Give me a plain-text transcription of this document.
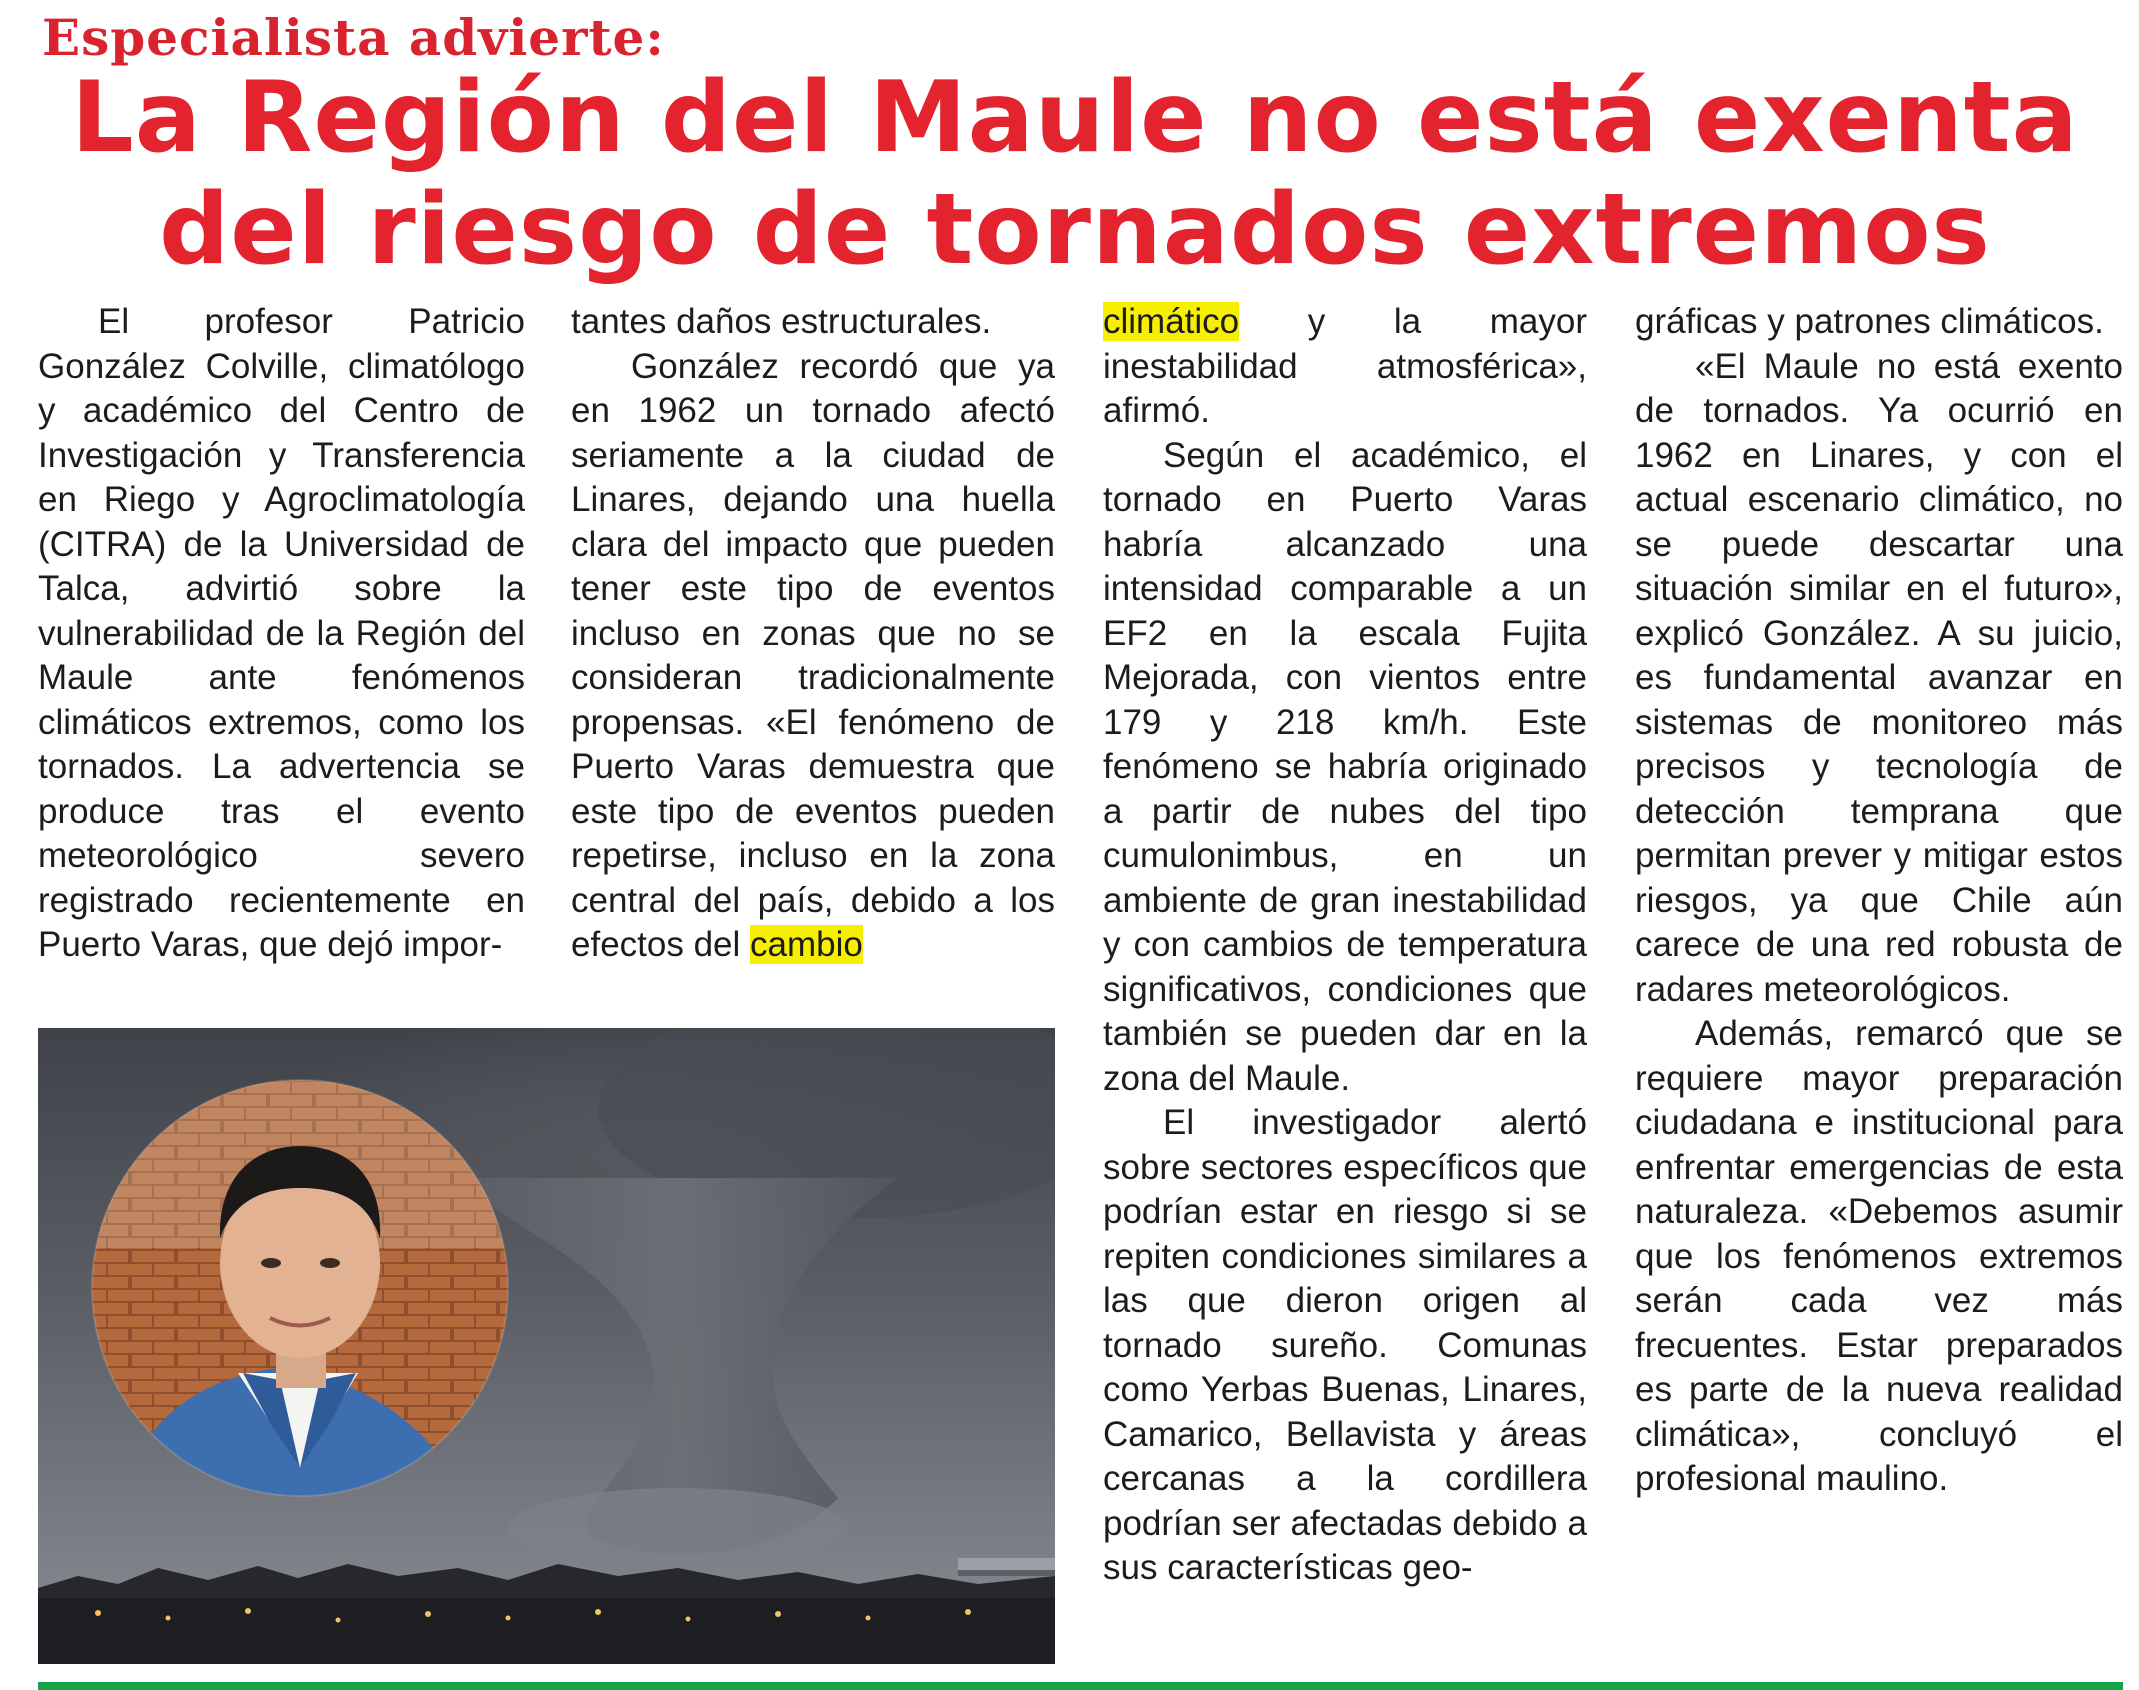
Especialista advierte:
La Región del Maule no está exenta
del riesgo de tornados extremos

El profesor Patricio González Colville, climatólogo y académico del Centro de Investigación y Transferencia en Riego y Agroclimatología (CITRA) de la Universidad de Talca, advirtió sobre la vulnerabilidad de la Región del Maule ante fenómenos climáticos extremos, como los tornados. La advertencia se produce tras el evento meteorológico severo registrado recientemente en Puerto Varas, que dejó impor-

tantes daños estructurales.

González recordó que ya en 1962 un tornado afectó seriamente a la ciudad de Linares, dejando una huella clara del impacto que pueden tener este tipo de eventos incluso en zonas que no se consideran tradicionalmente propensas. «El fenómeno de Puerto Varas demuestra que este tipo de eventos pueden repetirse, incluso en la zona central del país, debido a los efectos del cambio

climático y la mayor inestabilidad atmosférica», afirmó.

Según el académico, el tornado en Puerto Varas habría alcanzado una intensidad comparable a un EF2 en la escala Fujita Mejorada, con vientos entre 179 y 218 km/h. Este fenómeno se habría originado a partir de nubes del tipo cumulonimbus, en un ambiente de gran inestabilidad y con cambios de temperatura significativos, condiciones que también se pueden dar en la zona del Maule.

El investigador alertó sobre sectores específicos que podrían estar en riesgo si se repiten condiciones similares a las que dieron origen al tornado sureño. Comunas como Yerbas Buenas, Linares, Camarico, Bellavista y áreas cercanas a la cordillera podrían ser afectadas debido a sus características geo-

gráficas y patrones climáticos.

«El Maule no está exento de tornados. Ya ocurrió en 1962 en Linares, y con el actual escenario climático, no se puede descartar una situación similar en el futuro», explicó González. A su juicio, es fundamental avanzar en sistemas de monitoreo más precisos y tecnología de detección temprana que permitan prever y mitigar estos riesgos, ya que Chile aún carece de una red robusta de radares meteorológicos.

Además, remarcó que se requiere mayor preparación ciudadana e institucional para enfrentar emergencias de esta naturaleza. «Debemos asumir que los fenómenos extremos serán cada vez más frecuentes. Estar preparados es parte de la nueva realidad climática», concluyó el profesional maulino.
